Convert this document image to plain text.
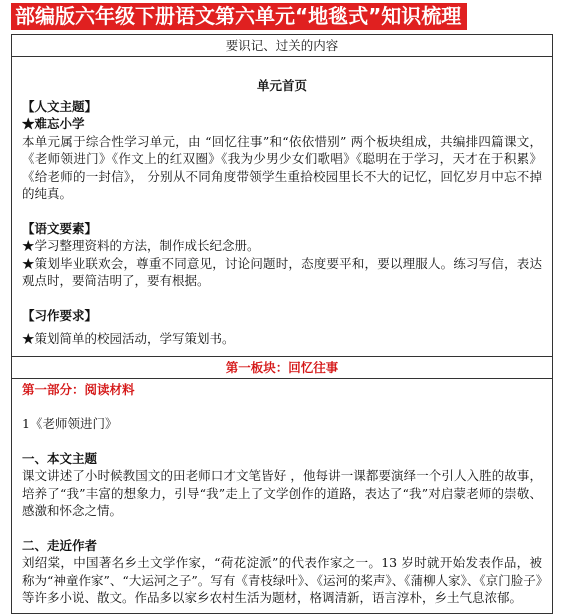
部编版六年级下册语文第六单元“地毯式”知识梳理
要识记、过关的内容
单元首页
【人文主题】
★难忘小学

本单元属于综合性学习单元，由 “回忆往事”和“依依惜别” 两个板块组成，共编排四篇课文，《老师领进门》《作文上的红双圈》《我为少男少女们歌唱》《聪明在于学习，天才在于积累》《给老师的一封信》， 分别从不同角度带领学生重拾校园里长不大的记忆，回忆岁月中忘不掉的纯真。

【语文要素】

★学习整理资料的方法，制作成长纪念册。

★策划毕业联欢会，尊重不同意见，讨论问题时，态度要平和，要以理服人。练习写信，表达观点时，要简洁明了，要有根据。

【习作要求】

★策划简单的校园活动，学写策划书。

第一板块：回忆往事
第一部分：阅读材料
1《老师领进门》
一、本文主题

课文讲述了小时候教国文的田老师口才文笔皆好 ，他每讲一课都要演绎一个引人入胜的故事，培养了“我”丰富的想象力，引导“我”走上了文学创作的道路，表达了“我”对启蒙老师的崇敬、感激和怀念之情。

二、走近作者

刘绍棠，中国著名乡土文学作家，“荷花淀派”的代表作家之一。13 岁时就开始发表作品，被称为“神童作家”、“大运河之子”。写有《青枝绿叶》、《运河的桨声》、《蒲柳人家》、《京门脸子》等许多小说、散文。作品多以家乡农村生活为题材，格调清新，语言淳朴，乡土气息浓郁。
